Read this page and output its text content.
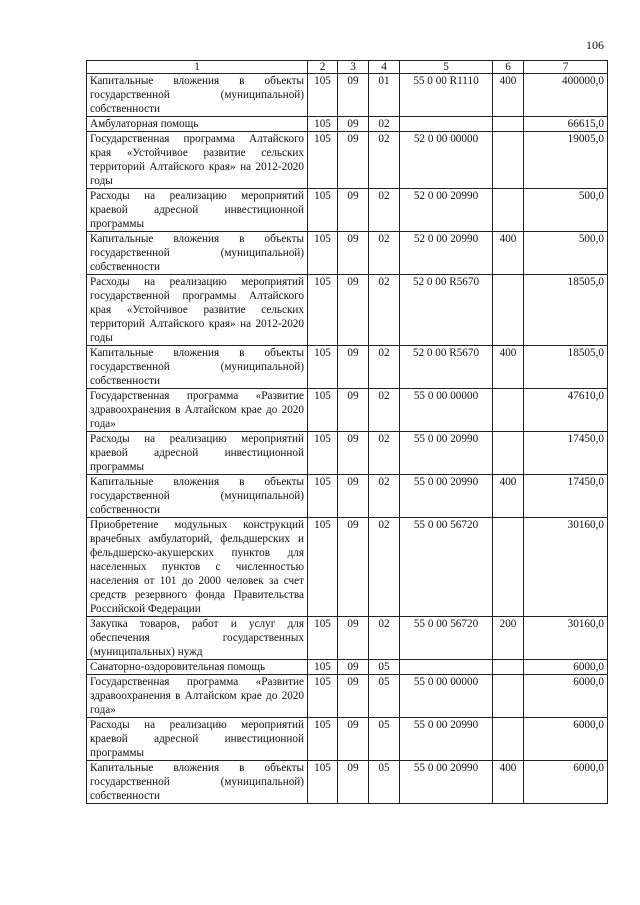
106
1	2	3	4	5	6	7
Капитальные вложения в объекты государственной (муниципальной) собственности	105	09	01	55 0 00 R1110	400	400000,0
Амбулаторная помощь	105	09	02			66615,0
Государственная программа Алтайского края «Устойчивое развитие сельских территорий Алтайского края» на 2012-2020 годы	105	09	02	52 0 00 00000		19005,0
Расходы на реализацию мероприятий краевой адресной инвестиционной программы	105	09	02	52 0 00 20990		500,0
Капитальные вложения в объекты государственной (муниципальной) собственности	105	09	02	52 0 00 20990	400	500,0
Расходы на реализацию мероприятий государственной программы Алтайского края «Устойчивое развитие сельских территорий Алтайского края» на 2012-2020 годы	105	09	02	52 0 00 R5670		18505,0
Капитальные вложения в объекты государственной (муниципальной) собственности	105	09	02	52 0 00 R5670	400	18505,0
Государственная программа «Развитие здравоохранения в Алтайском крае до 2020 года»	105	09	02	55 0 00 00000		47610,0
Расходы на реализацию мероприятий краевой адресной инвестиционной программы	105	09	02	55 0 00 20990		17450,0
Капитальные вложения в объекты государственной (муниципальной) собственности	105	09	02	55 0 00 20990	400	17450,0
Приобретение модульных конструкций врачебных амбулаторий, фельдшерских и фельдшерско-акушерских пунктов для населенных пунктов с численностью населения от 101 до 2000 человек за счет средств резервного фонда Правительства Российской Федерации	105	09	02	55 0 00 56720		30160,0
Закупка товаров, работ и услуг для обеспечения государственных (муниципальных) нужд	105	09	02	55 0 00 56720	200	30160,0
Санаторно-оздоровительная помощь	105	09	05			6000,0
Государственная программа «Развитие здравоохранения в Алтайском крае до 2020 года»	105	09	05	55 0 00 00000		6000,0
Расходы на реализацию мероприятий краевой адресной инвестиционной программы	105	09	05	55 0 00 20990		6000,0
Капитальные вложения в объекты государственной (муниципальной) собственности	105	09	05	55 0 00 20990	400	6000,0
